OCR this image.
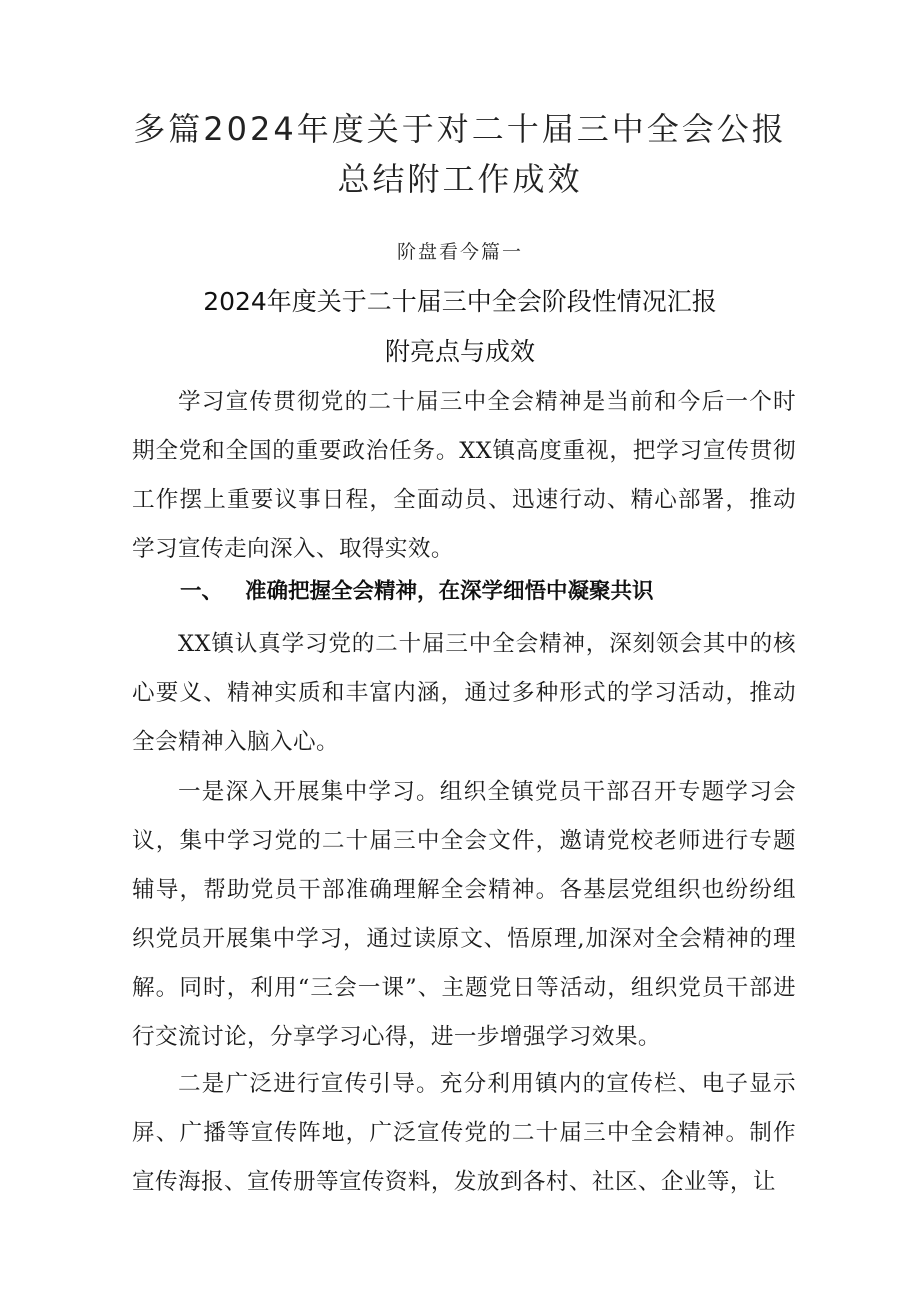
多篇2024年度关于对二十届三中全会公报
总结附工作成效
阶盘看今篇一
2024年度关于二十届三中全会阶段性情况汇报
附亮点与成效

学习宣传贯彻党的二十届三中全会精神是当前和今后一个时期全党和全国的重要政治任务。XX镇高度重视，把学习宣传贯彻工作摆上重要议事日程，全面动员、迅速行动、精心部署，推动学习宣传走向深入、取得实效。

一、 准确把握全会精神，在深学细悟中凝聚共识

XX镇认真学习党的二十届三中全会精神，深刻领会其中的核心要义、精神实质和丰富内涵，通过多种形式的学习活动，推动全会精神入脑入心。

一是深入开展集中学习。组织全镇党员干部召开专题学习会议，集中学习党的二十届三中全会文件，邀请党校老师进行专题辅导，帮助党员干部准确理解全会精神。各基层党组织也纷纷组织党员开展集中学习，通过读原文、悟原理,加深对全会精神的理解。同时，利用“三会一课”、主题党日等活动，组织党员干部进行交流讨论，分享学习心得，进一步增强学习效果。

二是广泛进行宣传引导。充分利用镇内的宣传栏、电子显示屏、广播等宣传阵地，广泛宣传党的二十届三中全会精神。制作宣传海报、宣传册等宣传资料，发放到各村、社区、企业等，让
